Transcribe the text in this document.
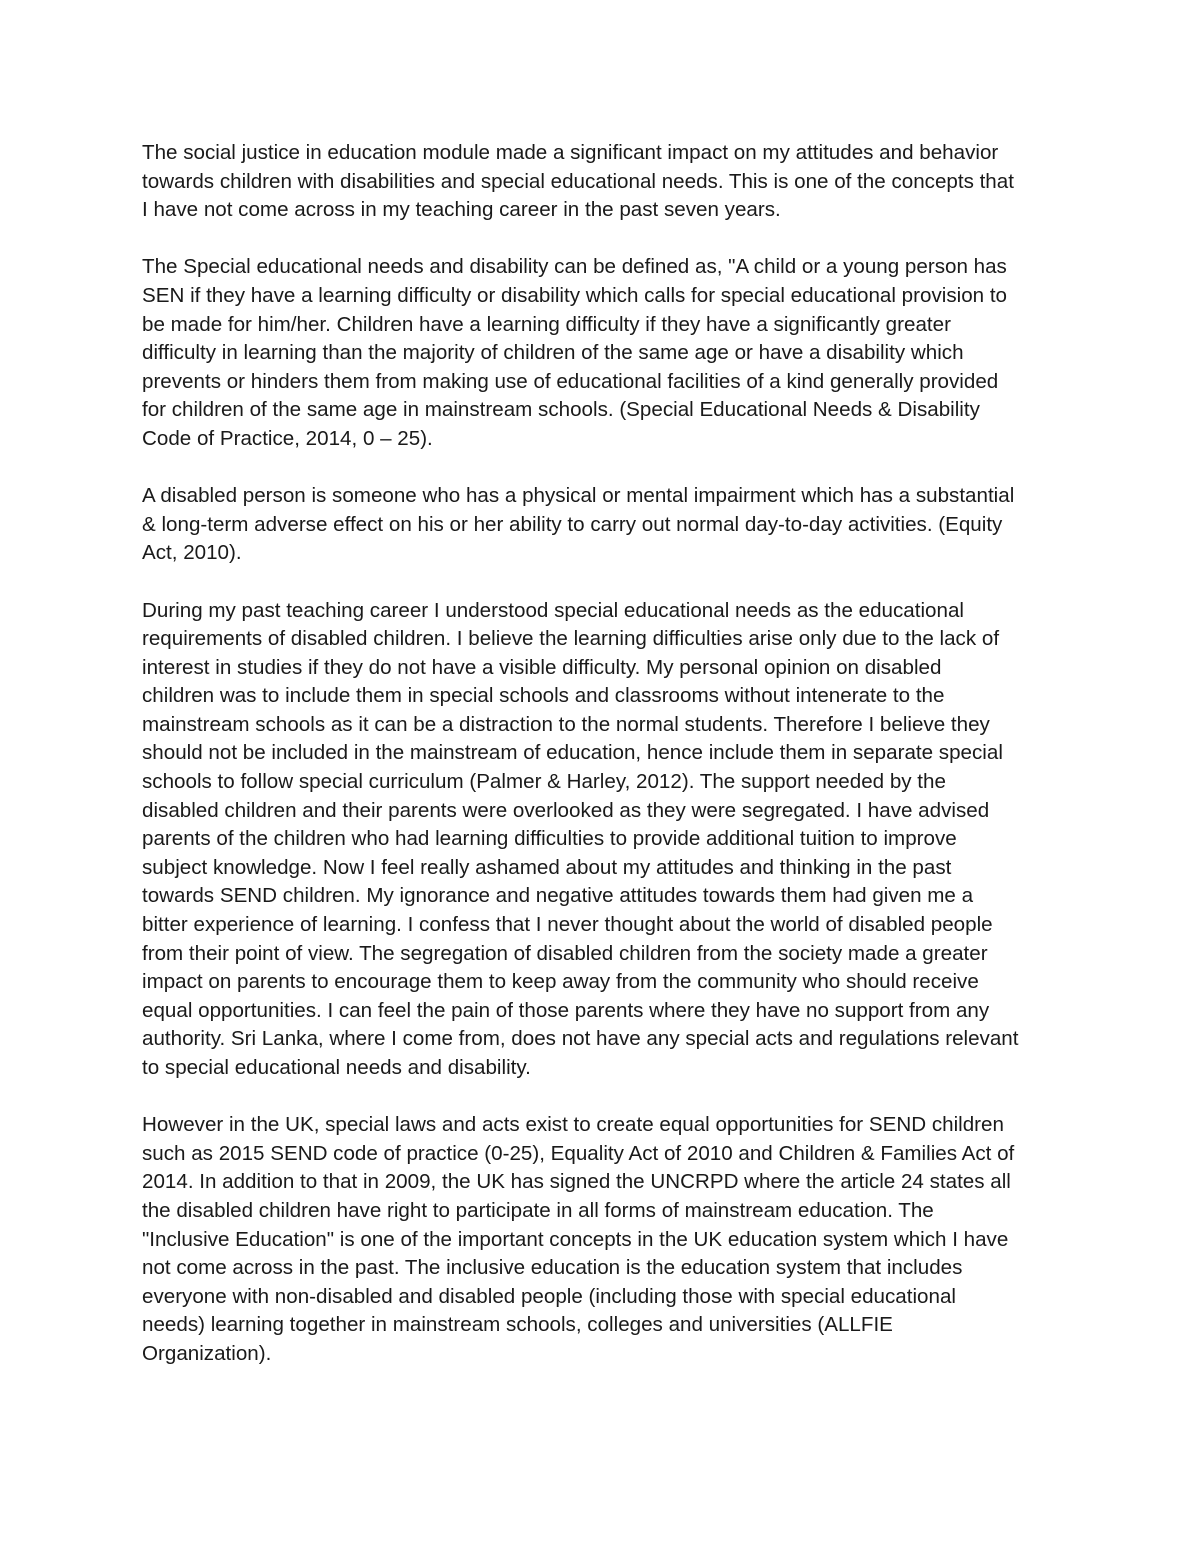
The social justice in education module made a significant impact on my attitudes and behavior
towards children with disabilities and special educational needs. This is one of the concepts that
I have not come across in my teaching career in the past seven years.

The Special educational needs and disability can be defined as, "A child or a young person has
SEN if they have a learning difficulty or disability which calls for special educational provision to
be made for him/her. Children have a learning difficulty if they have a significantly greater
difficulty in learning than the majority of children of the same age or have a disability which
prevents or hinders them from making use of educational facilities of a kind generally provided
for children of the same age in mainstream schools. (Special Educational Needs & Disability
Code of Practice, 2014, 0 – 25).

A disabled person is someone who has a physical or mental impairment which has a substantial
& long-term adverse effect on his or her ability to carry out normal day-to-day activities. (Equity
Act, 2010).

During my past teaching career I understood special educational needs as the educational
requirements of disabled children. I believe the learning difficulties arise only due to the lack of
interest in studies if they do not have a visible difficulty. My personal opinion on disabled
children was to include them in special schools and classrooms without intenerate to the
mainstream schools as it can be a distraction to the normal students. Therefore I believe they
should not be included in the mainstream of education, hence include them in separate special
schools to follow special curriculum (Palmer & Harley, 2012). The support needed by the
disabled children and their parents were overlooked as they were segregated. I have advised
parents of the children who had learning difficulties to provide additional tuition to improve
subject knowledge. Now I feel really ashamed about my attitudes and thinking in the past
towards SEND children. My ignorance and negative attitudes towards them had given me a
bitter experience of learning. I confess that I never thought about the world of disabled people
from their point of view. The segregation of disabled children from the society made a greater
impact on parents to encourage them to keep away from the community who should receive
equal opportunities. I can feel the pain of those parents where they have no support from any
authority. Sri Lanka, where I come from, does not have any special acts and regulations relevant
to special educational needs and disability.

However in the UK, special laws and acts exist to create equal opportunities for SEND children
such as 2015 SEND code of practice (0-25), Equality Act of 2010 and Children & Families Act of
2014. In addition to that in 2009, the UK has signed the UNCRPD where the article 24 states all
the disabled children have right to participate in all forms of mainstream education. The
"Inclusive Education" is one of the important concepts in the UK education system which I have
not come across in the past. The inclusive education is the education system that includes
everyone with non-disabled and disabled people (including those with special educational
needs) learning together in mainstream schools, colleges and universities (ALLFIE
Organization).
